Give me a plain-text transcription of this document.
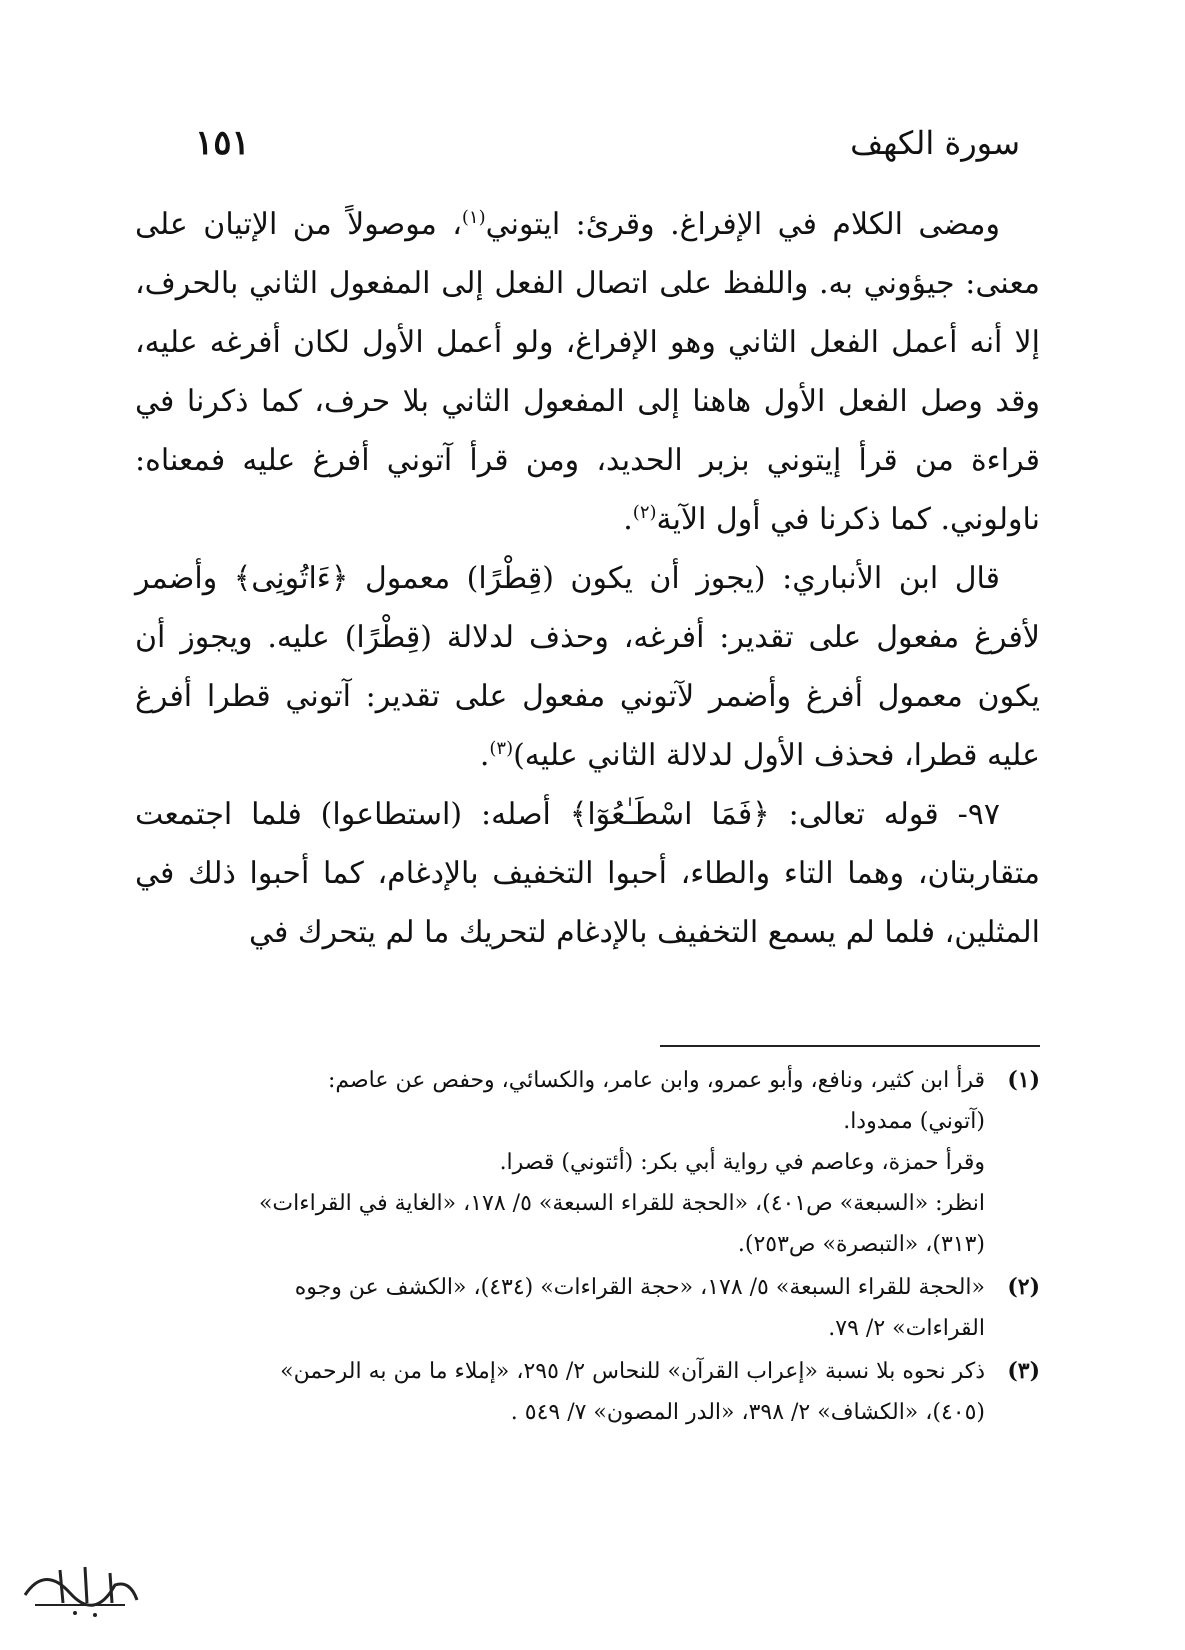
سورة الكهف
١٥١

ومضى الكلام في الإفراغ. وقرئ: ايتوني$^{(١)}$، موصولاً من الإتيان على معنى: جيؤوني به. واللفظ على اتصال الفعل إلى المفعول الثاني بالحرف، إلا أنه أعمل الفعل الثاني وهو الإفراغ، ولو أعمل الأول لكان أفرغه عليه، وقد وصل الفعل الأول هاهنا إلى المفعول الثاني بلا حرف، كما ذكرنا في قراءة من قرأ إيتوني بزبر الحديد، ومن قرأ آتوني أفرغ عليه فمعناه: ناولوني. كما ذكرنا في أول الآية$^{(٢)}$.

قال ابن الأنباري: (يجوز أن يكون (قِطْرًا) معمول ﴿ءَاتُونِى﴾ وأضمر لأفرغ مفعول على تقدير: أفرغه، وحذف لدلالة (قِطْرًا) عليه. ويجوز أن يكون معمول أفرغ وأضمر لآتوني مفعول على تقدير: آتوني قطرا أفرغ عليه قطرا، فحذف الأول لدلالة الثاني عليه)$^{(٣)}$.

٩٧- قوله تعالى: ﴿فَمَا اسْطَـٰعُوٓا﴾ أصله: (استطاعوا) فلما اجتمعت متقاربتان، وهما التاء والطاء، أحبوا التخفيف بالإدغام، كما أحبوا ذلك في المثلين، فلما لم يسمع التخفيف بالإدغام لتحريك ما لم يتحرك في

(١)
قرأ ابن كثير، ونافع، وأبو عمرو، وابن عامر، والكسائي، وحفص عن عاصم:
(آتوني) ممدودا.
وقرأ حمزة، وعاصم في رواية أبي بكر: (أئتوني) قصرا.
انظر: «السبعة» ص٤٠١)، «الحجة للقراء السبعة» ٥/ ١٧٨، «الغاية في القراءات»
(٣١٣)، «التبصرة» ص٢٥٣).
(٢)
«الحجة للقراء السبعة» ٥/ ١٧٨، «حجة القراءات» (٤٣٤)، «الكشف عن وجوه
القراءات» ٢/ ٧٩.
(٣)
ذكر نحوه بلا نسبة «إعراب القرآن» للنحاس ٢/ ٢٩٥، «إملاء ما من به الرحمن»
(٤٠٥)، «الكشاف» ٢/ ٣٩٨، «الدر المصون» ٧/ ٥٤٩ .
